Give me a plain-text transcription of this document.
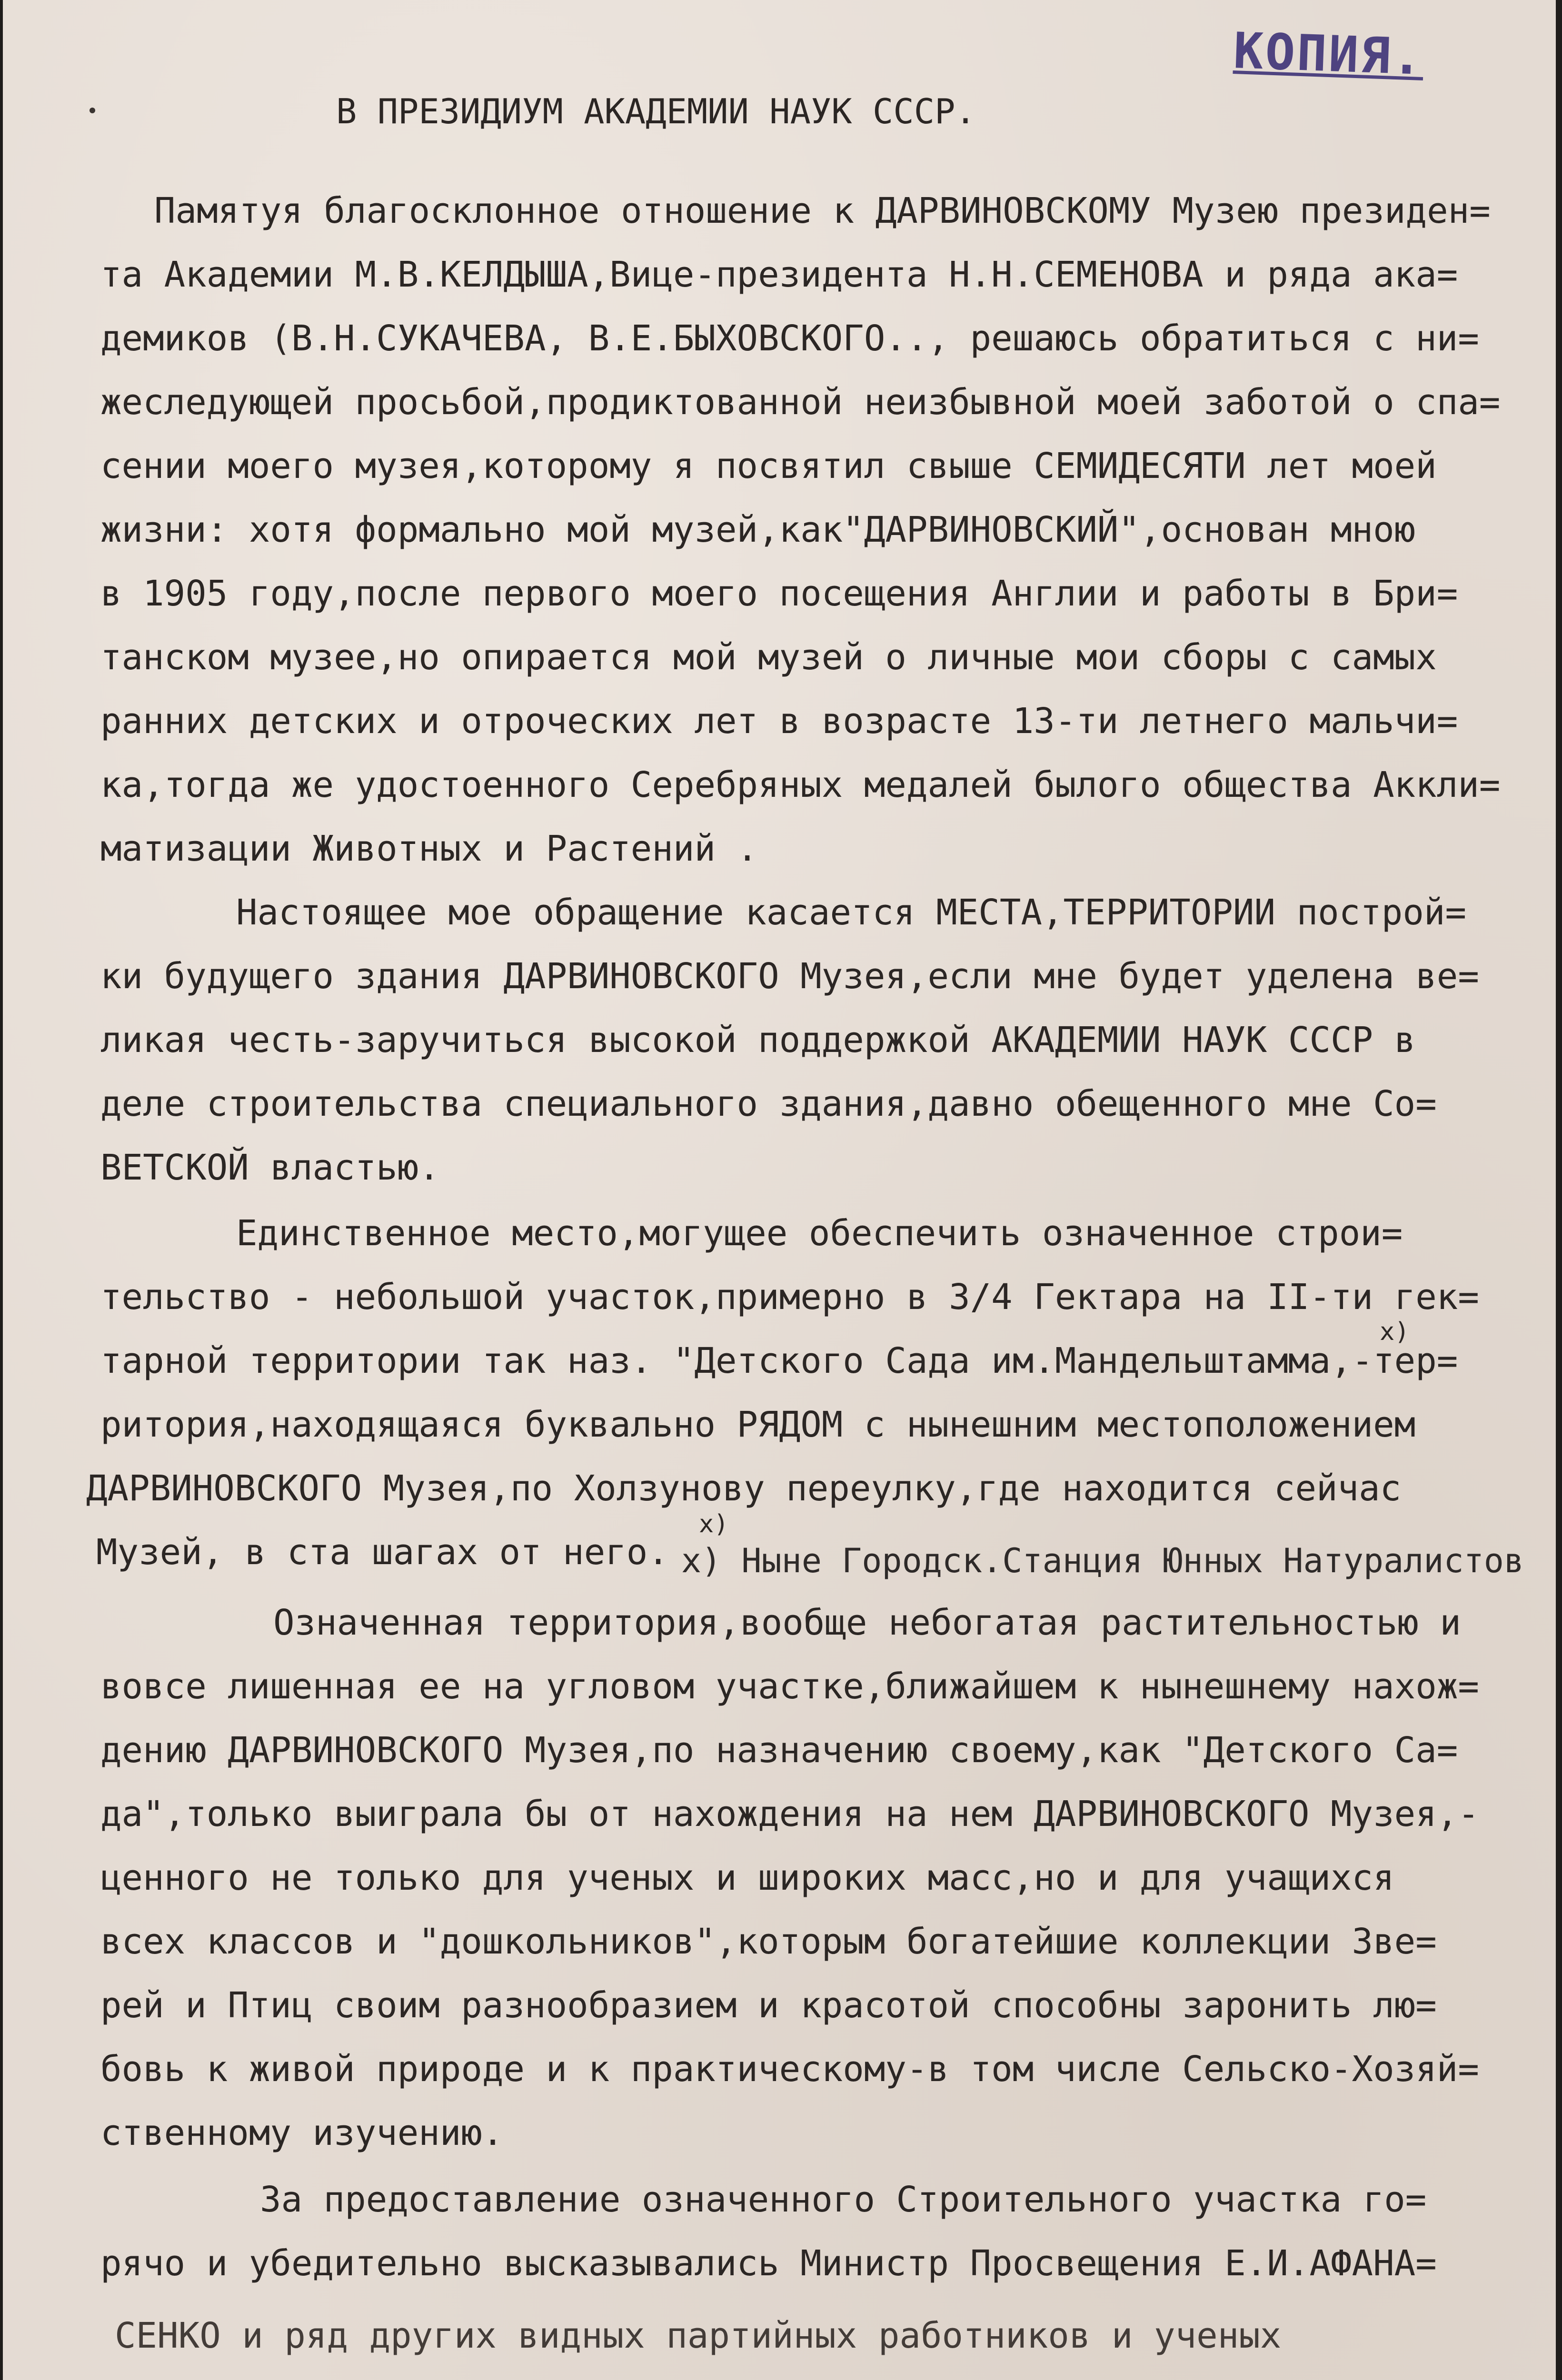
КОПИЯ.
В ПРЕЗИДИУМ АКАДЕМИИ НАУК СССР.
Памятуя благосклонное отношение к ДАРВИНОВСКОМУ Музею президен=
та Академии М.В.КЕЛДЫША,Вице-президента Н.Н.СЕМЕНОВА и ряда ака=
демиков (В.Н.СУКАЧЕВА, В.Е.БЫХОВСКОГО.., решаюсь обратиться с ни=
жеследующей просьбой,продиктованной неизбывной моей заботой о спа=
сении моего музея,которому я посвятил свыше СЕМИДЕСЯТИ лет моей
жизни: хотя формально мой музей,как"ДАРВИНОВСКИЙ",основан мною
в 1905 году,после первого моего посещения Англии и работы в Бри=
танском музее,но опирается мой музей о личные мои сборы с самых
ранних детских и отроческих лет в возрасте 13-ти летнего мальчи=
ка,тогда же удостоенного Серебряных медалей былого общества Аккли=
матизации Животных и Растений .
Настоящее мое обращение касается МЕСТА,ТЕРРИТОРИИ построй=
ки будущего здания ДАРВИНОВСКОГО Музея,если мне будет уделена ве=
ликая честь-заручиться высокой поддержкой АКАДЕМИИ НАУК СССР в
деле строительства специального здания,давно обещенного мне Со=
ВЕТСКОЙ властью.
Единственное место,могущее обеспечить означенное строи=
тельство - небольшой участок,примерно в 3/4 Гектара на II-ти гек=
x)
тарной территории так наз. "Детского Сада им.Мандельштамма,-тер=
ритория,находящаяся буквально РЯДОМ с нынешним местоположением
ДАРВИНОВСКОГО Музея,по Холзунову переулку,где находится сейчас
x)
Музей, в ста шагах от него. x) Ныне Городск.Станция Юнных Натуралистов
Означенная территория,вообще небогатая растительностью и
вовсе лишенная ее на угловом участке,ближайшем к нынешнему нахож=
дению ДАРВИНОВСКОГО Музея,по назначению своему,как "Детского Са=
да",только выиграла бы от нахождения на нем ДАРВИНОВСКОГО Музея,-
ценного не только для ученых и широких масс,но и для учащихся
всех классов и "дошкольников",которым богатейшие коллекции Зве=
рей и Птиц своим разнообразием и красотой способны заронить лю=
бовь к живой природе и к практическому-в том числе Сельско-Хозяй=
ственному изучению.
За предоставление означенного Строительного участка го=
рячо и убедительно высказывались Министр Просвещения Е.И.АФАНА=
СЕНКО и ряд других видных партийных работников и ученых
